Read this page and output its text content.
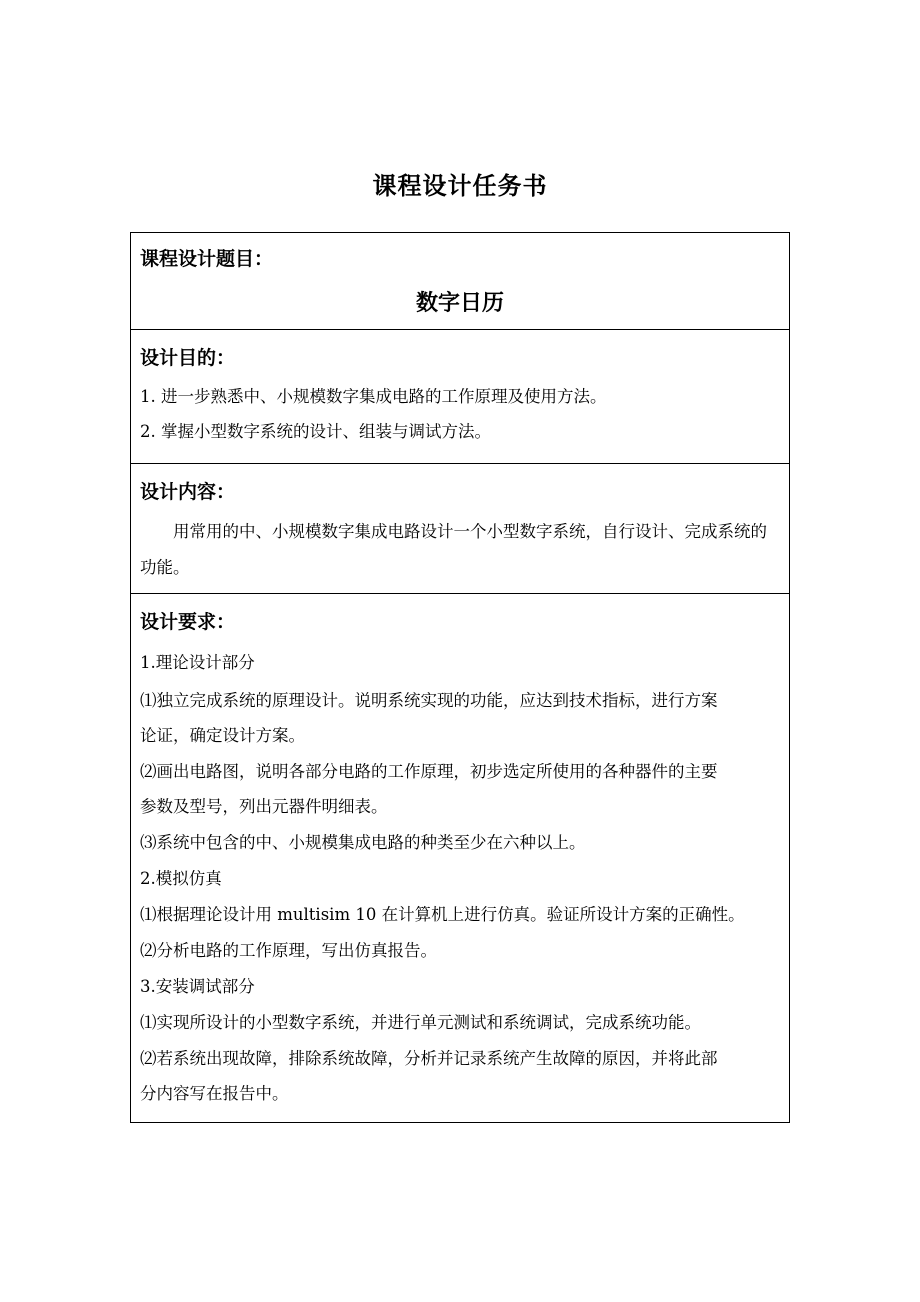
课程设计任务书
课程设计题目：
数字日历
设计目的：
1. 进一步熟悉中、小规模数字集成电路的工作原理及使用方法。
2. 掌握小型数字系统的设计、组装与调试方法。
设计内容：
用常用的中、小规模数字集成电路设计一个小型数字系统，自行设计、完成系统的功能。
设计要求：
1.理论设计部分
⑴独立完成系统的原理设计。说明系统实现的功能，应达到技术指标，进行方案
论证，确定设计方案。
⑵画出电路图，说明各部分电路的工作原理，初步选定所使用的各种器件的主要
参数及型号，列出元器件明细表。
⑶系统中包含的中、小规模集成电路的种类至少在六种以上。
2.模拟仿真
⑴根据理论设计用 multisim 10 在计算机上进行仿真。验证所设计方案的正确性。
⑵分析电路的工作原理，写出仿真报告。
3.安装调试部分
⑴实现所设计的小型数字系统，并进行单元测试和系统调试，完成系统功能。
⑵若系统出现故障，排除系统故障，分析并记录系统产生故障的原因，并将此部
分内容写在报告中。
